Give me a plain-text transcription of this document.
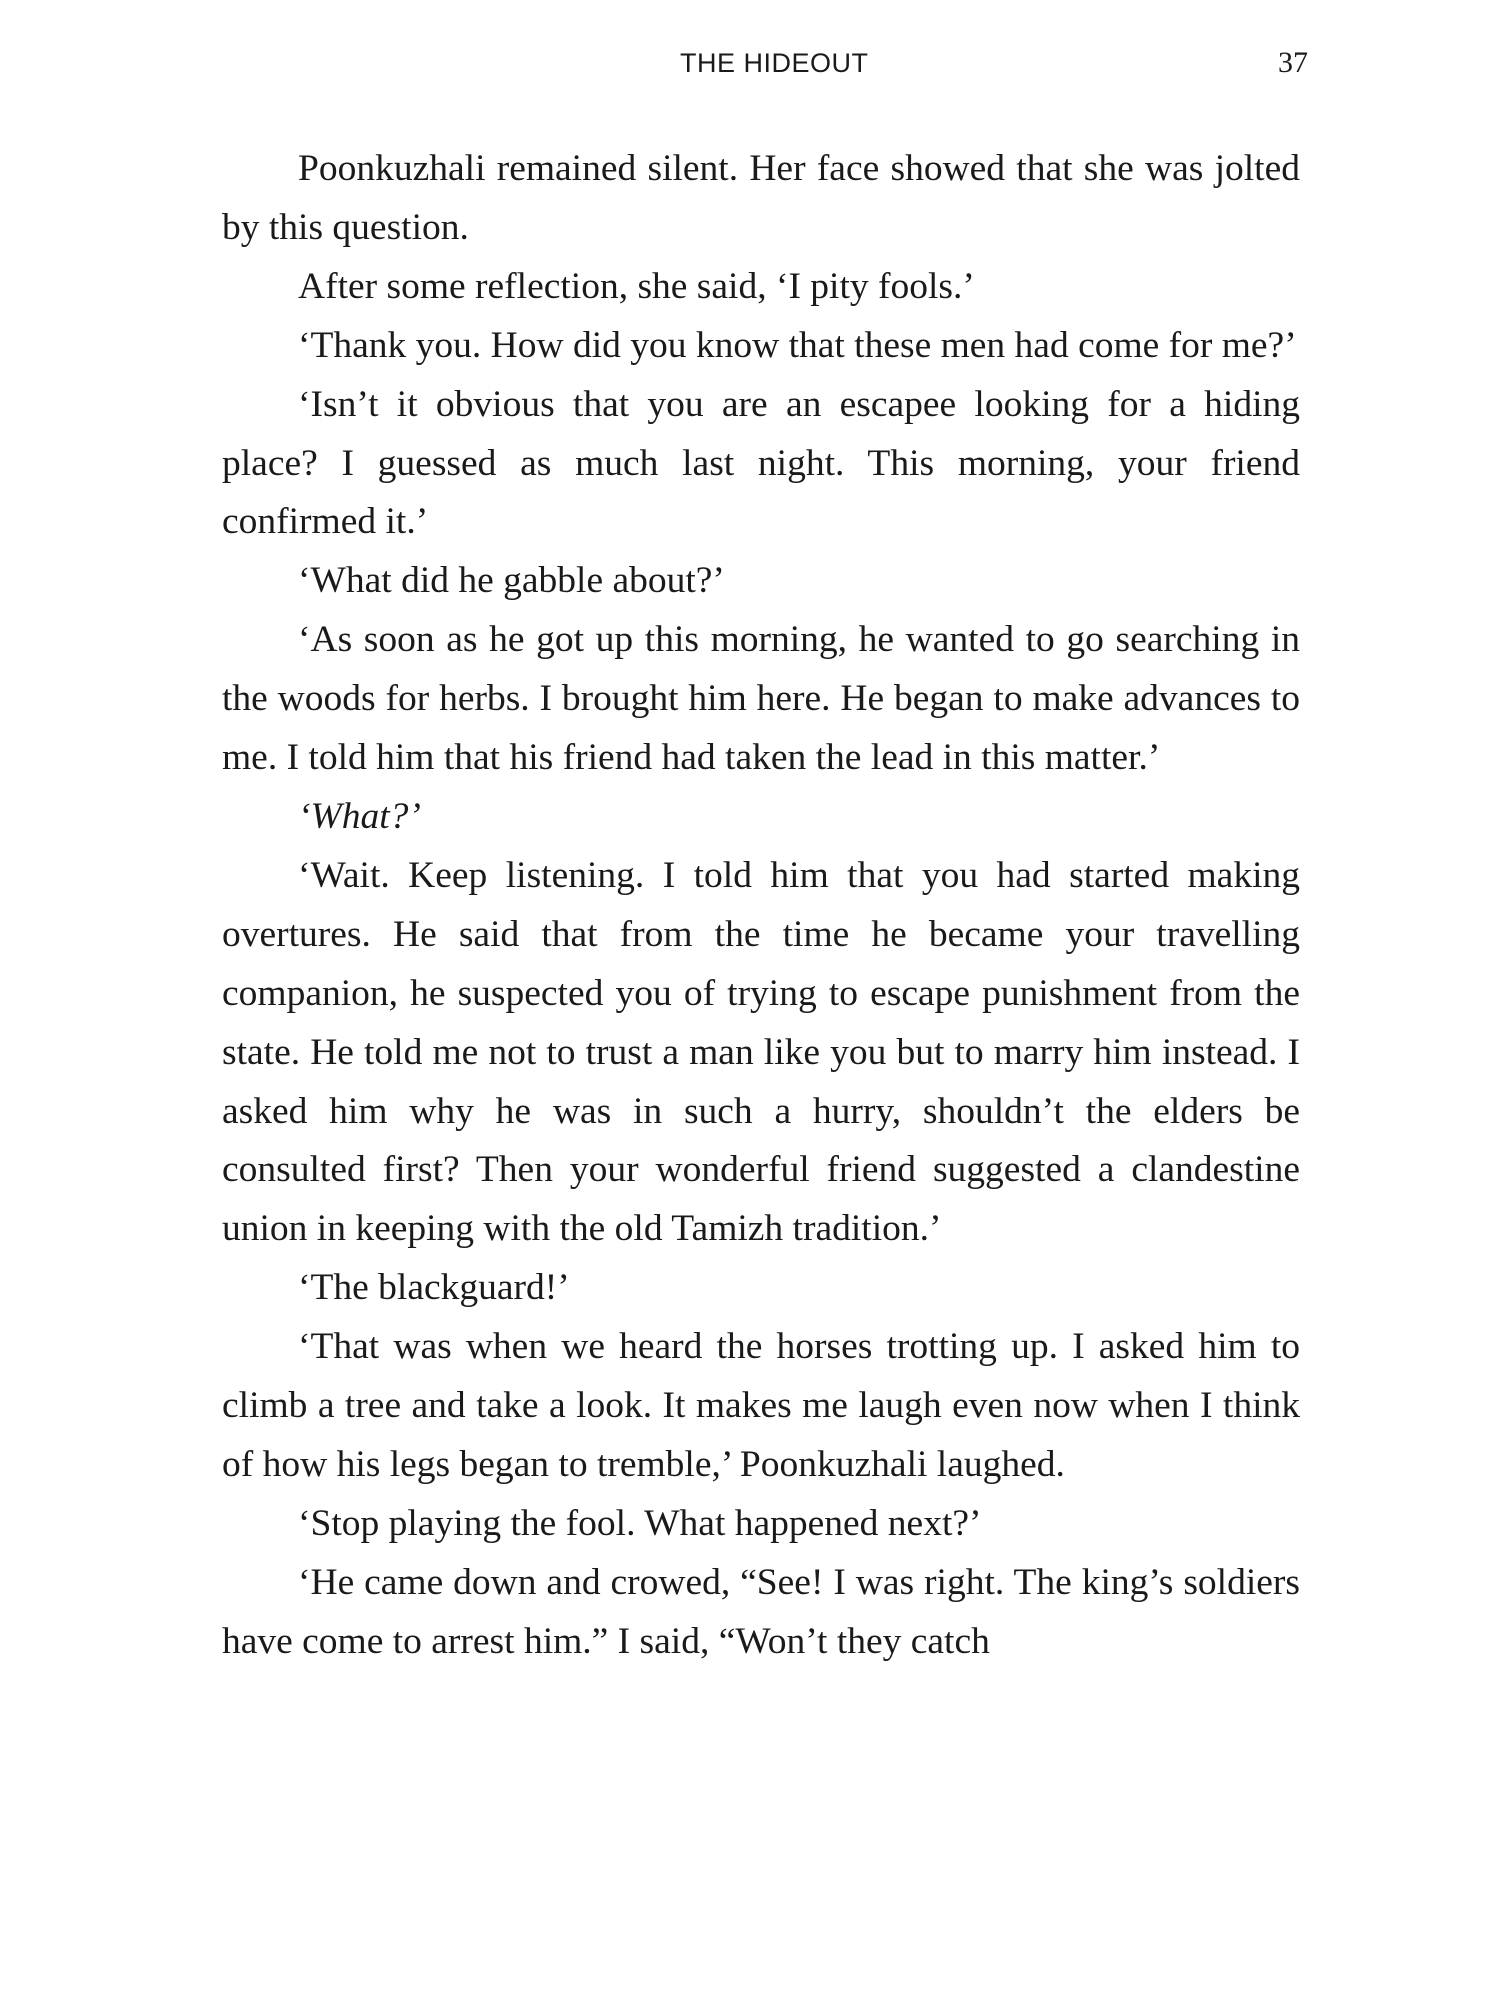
THE HIDEOUT	37

Poonkuzhali remained silent. Her face showed that she was jolted by this question.

After some reflection, she said, ‘I pity fools.’

‘Thank you. How did you know that these men had come for me?’

‘Isn’t it obvious that you are an escapee looking for a hiding place? I guessed as much last night. This morning, your friend confirmed it.’

‘What did he gabble about?’

‘As soon as he got up this morning, he wanted to go searching in the woods for herbs. I brought him here. He began to make advances to me. I told him that his friend had taken the lead in this matter.’

‘What?’

‘Wait. Keep listening. I told him that you had started making overtures. He said that from the time he became your travelling companion, he suspected you of trying to escape punishment from the state. He told me not to trust a man like you but to marry him instead. I asked him why he was in such a hurry, shouldn’t the elders be consulted first? Then your wonderful friend suggested a clandestine union in keeping with the old Tamizh tradition.’

‘The blackguard!’

‘That was when we heard the horses trotting up. I asked him to climb a tree and take a look. It makes me laugh even now when I think of how his legs began to tremble,’ Poonkuzhali laughed.

‘Stop playing the fool. What happened next?’

‘He came down and crowed, “See! I was right. The king’s soldiers have come to arrest him.” I said, “Won’t they catch
